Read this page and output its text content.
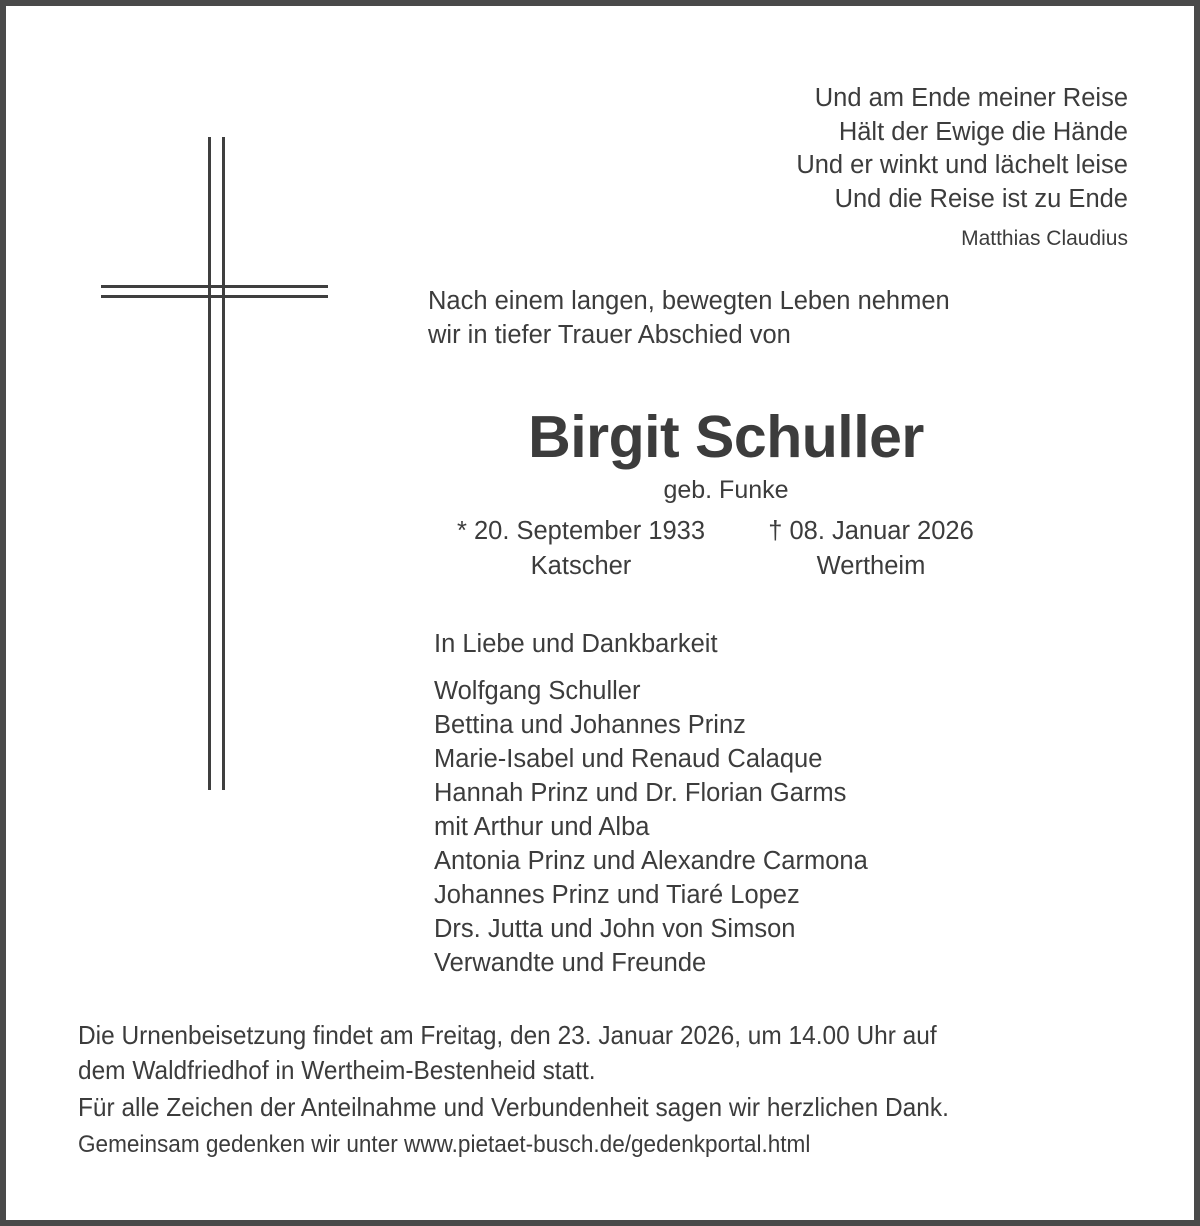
Und am Ende meiner Reise
Hält der Ewige die Hände
Und er winkt und lächelt leise
Und die Reise ist zu Ende
Matthias Claudius
Nach einem langen, bewegten Leben nehmen
wir in tiefer Trauer Abschied von
Birgit Schuller
geb. Funke
* 20. September 1933
Katscher
† 08. Januar 2026
Wertheim
In Liebe und Dankbarkeit
Wolfgang Schuller
Bettina und Johannes Prinz
Marie-Isabel und Renaud Calaque
Hannah Prinz und Dr. Florian Garms
mit Arthur und Alba
Antonia Prinz und Alexandre Carmona
Johannes Prinz und Tiaré Lopez
Drs. Jutta und John von Simson
Verwandte und Freunde

Die Urnenbeisetzung findet am Freitag, den 23. Januar 2026, um 14.00 Uhr auf
dem Waldfriedhof in Wertheim-Bestenheid statt.

Für alle Zeichen der Anteilnahme und Verbundenheit sagen wir herzlichen Dank.

Gemeinsam gedenken wir unter www.pietaet-busch.de/gedenkportal.html
